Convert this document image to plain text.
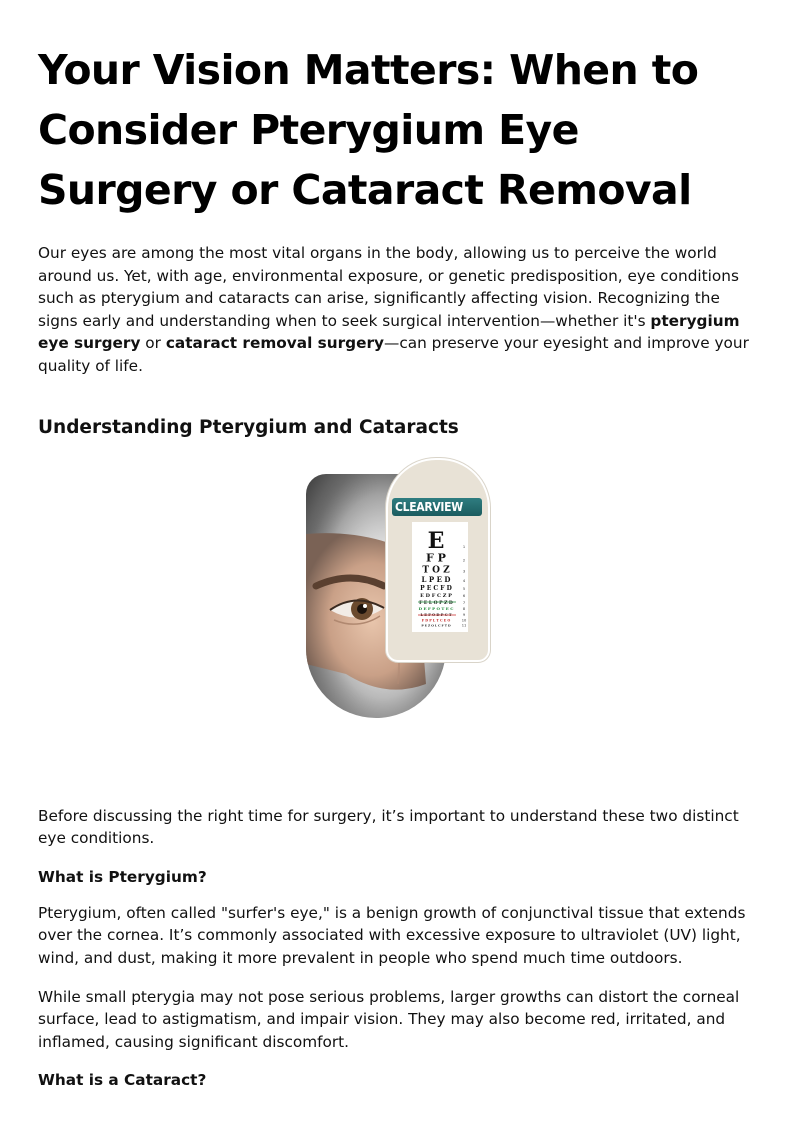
Your Vision Matters: When to Consider Pterygium Eye Surgery or Cataract Removal

Our eyes are among the most vital organs in the body, allowing us to perceive the world around us. Yet, with age, environmental exposure, or genetic predisposition, eye conditions such as pterygium and cataracts can arise, significantly affecting vision. Recognizing the signs early and understanding when to seek surgical intervention—whether it's pterygium eye surgery or cataract removal surgery—can preserve your eyesight and improve your quality of life.

Understanding Pterygium and Cataracts
CLEARVIEW
E	1
F P	2
T O Z	3
L P E D	4
P E C F D	5
E D F C Z P	6
F E L O P Z D	7
D E F P O T E C	8
L E F O D P C T	9
F D P L T C E O	10
P E Z O L C F T D	11

Before discussing the right time for surgery, it’s important to understand these two distinct eye conditions.

What is Pterygium?

Pterygium, often called "surfer's eye," is a benign growth of conjunctival tissue that extends over the cornea. It’s commonly associated with excessive exposure to ultraviolet (UV) light, wind, and dust, making it more prevalent in people who spend much time outdoors.

While small pterygia may not pose serious problems, larger growths can distort the corneal surface, lead to astigmatism, and impair vision. They may also become red, irritated, and inflamed, causing significant discomfort.

What is a Cataract?
